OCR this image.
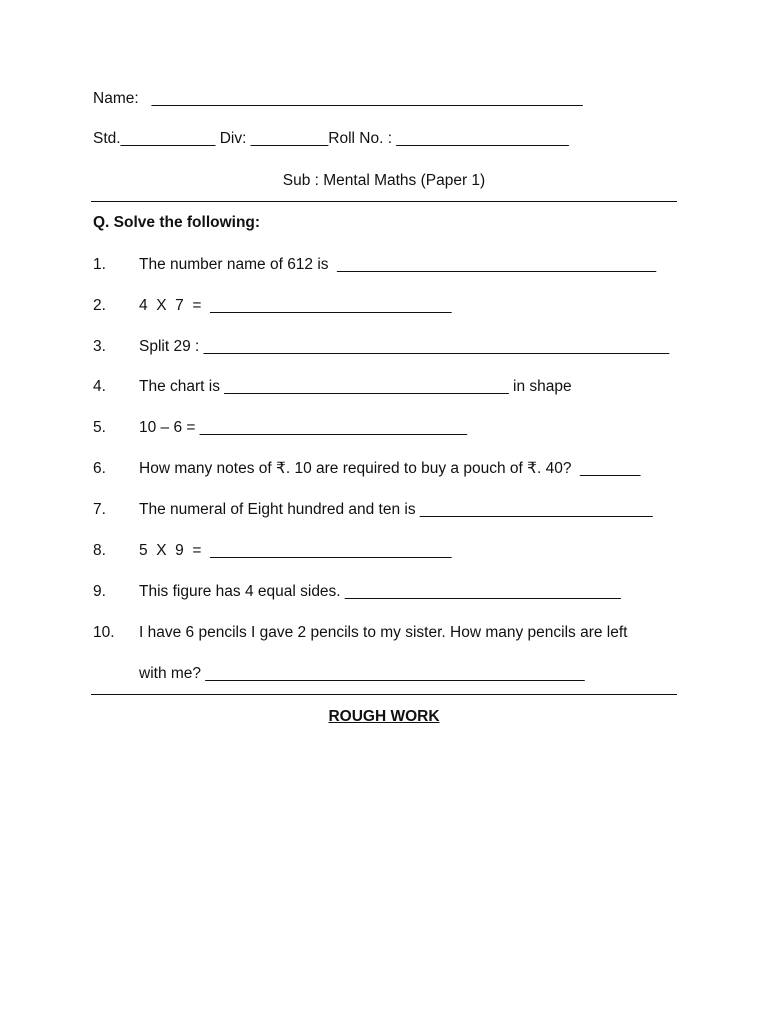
Name:   __________________________________________________
Std.___________ Div: _________Roll No. : ____________________
Sub : Mental Maths (Paper 1)
Q. Solve the following:
1. The number name of 612 is  _____________________________________
2. 4  X  7  =  ____________________________
3. Split 29 : ______________________________________________________
4. The chart is _________________________________ in shape
5. 10 – 6 = _______________________________
6. How many notes of ₹. 10 are required to buy a pouch of ₹. 40?  _______
7. The numeral of Eight hundred and ten is ___________________________
8. 5  X  9  =  ____________________________
9. This figure has 4 equal sides. ________________________________
10. I have 6 pencils I gave 2 pencils to my sister. How many pencils are left
with me? ____________________________________________
ROUGH WORK
